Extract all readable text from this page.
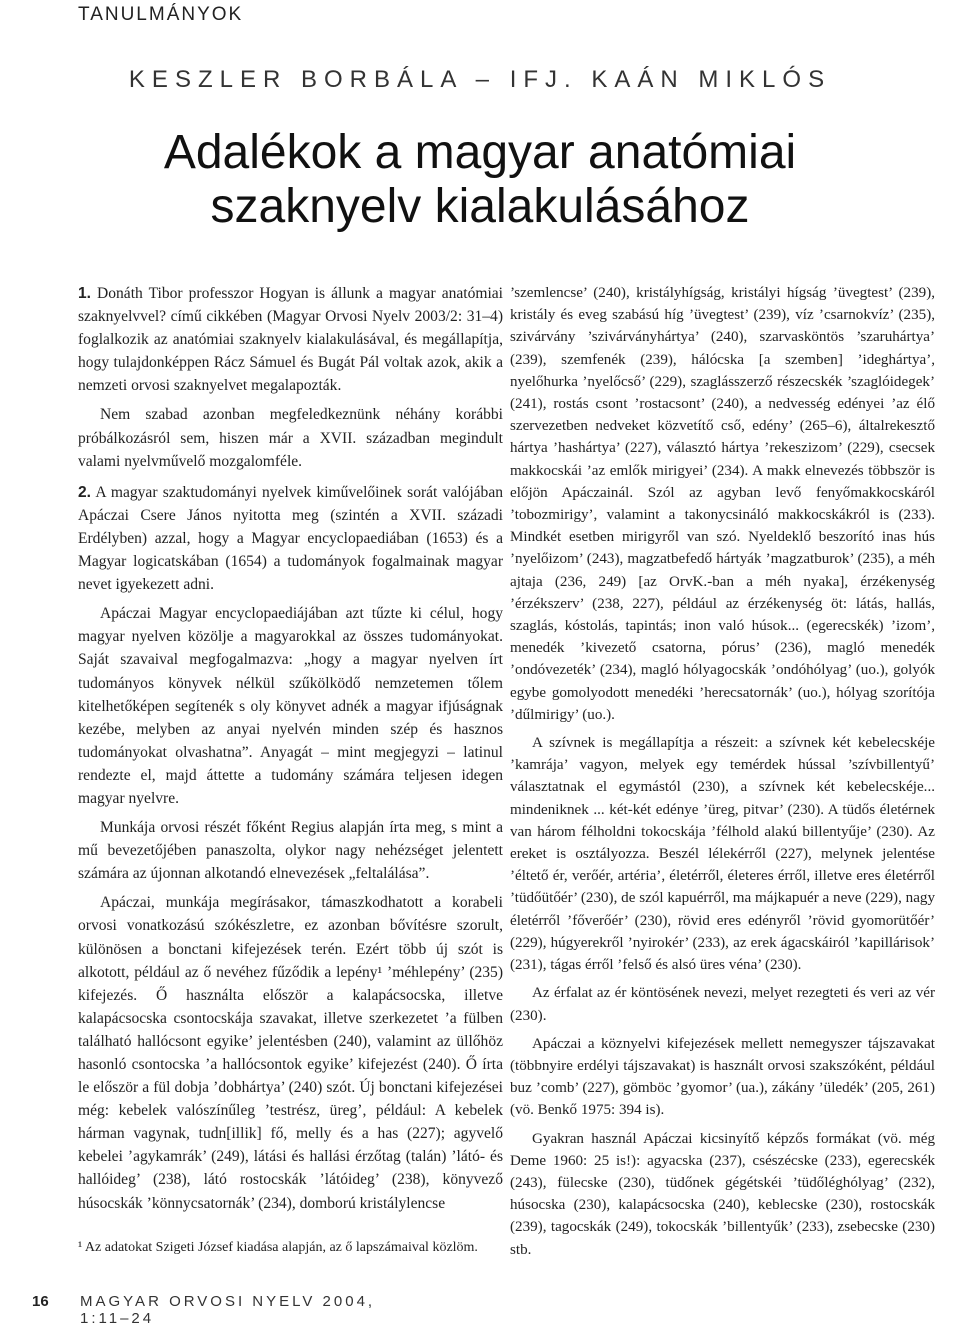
TANULMÁNYOK
KESZLER BORBÁLA – IFJ. KAÁN MIKLÓS
Adalékok a magyar anatómiai
szaknyelv kialakulásához

1. Donáth Tibor professzor Hogyan is állunk a magyar anatómiai szaknyelvvel? című cikkében (Magyar Orvosi Nyelv 2003/2: 31–4) foglalkozik az anatómiai szaknyelv kialakulásával, és megállapítja, hogy tulajdonképpen Rácz Sámuel és Bugát Pál voltak azok, akik a nemzeti orvosi szaknyelvet megalapozták.

Nem szabad azonban megfeledkeznünk néhány korábbi próbálkozásról sem, hiszen már a XVII. században megindult valami nyelvművelő mozgalomféle.

2. A magyar szaktudományi nyelvek kiművelőinek sorát valójában Apáczai Csere János nyitotta meg (szintén a XVII. századi Erdélyben) azzal, hogy a Magyar encyclopaediában (1653) és a Magyar logicatskában (1654) a tudományok fogalmainak magyar nevet igyekezett adni.

Apáczai Magyar encyclopaediájában azt tűzte ki célul, hogy magyar nyelven közölje a magyarokkal az összes tudományokat. Saját szavaival megfogalmazva: „hogy a magyar nyelven írt tudományos könyvek nélkül szűkölködő nemzetemen tőlem kitelhetőképen segítenék s oly könyvet adnék a magyar ifjúságnak kezébe, melyben az anyai nyelvén minden szép és hasznos tudományokat olvashatna”. Anyagát – mint megjegyzi – latinul rendezte el, majd áttette a tudomány számára teljesen idegen magyar nyelvre.

Munkája orvosi részét főként Regius alapján írta meg, s mint a mű bevezetőjében panaszolta, olykor nagy nehézséget jelentett számára az újonnan alkotandó elnevezések „feltalálása”.

Apáczai, munkája megírásakor, támaszkodhatott a korabeli orvosi vonatkozású szókészletre, ez azonban bővítésre szorult, különösen a bonctani kifejezések terén. Ezért több új szót is alkotott, például az ő nevéhez fűződik a lepény¹ ’méhlepény’ (235) kifejezés. Ő használta először a kalapácsocska, illetve kalapácsocska csontocskája szavakat, illetve szerkezetet ’a fülben található hallócsont egyike’ jelentésben (240), valamint az üllőhöz hasonló csontocska ’a hallócsontok egyike’ kifejezést (240). Ő írta le először a fül dobja ’dobhártya’ (240) szót. Új bonctani kifejezései még: kebelek valószínűleg ’testrész, üreg’, például: A kebelek hárman vagynak, tudn[illik] fő, melly és a has (227); agyvelő kebelei ’agykamrák’ (249), látási és hallási érzőtag (talán) ’látó- és hallóideg’ (238), látó rostocskák ’látóideg’ (238), könyvező húsocskák ’könnycsatornák’ (234), domború kristálylencse

¹ Az adatokat Szigeti József kiadása alapján, az ő lapszámaival közlöm.

’szemlencse’ (240), kristályhígság, kristályi hígság ’üvegtest’ (239), kristály és eveg szabású híg ’üvegtest’ (239), víz ’csarnokvíz’ (235), szivárvány ’szivárványhártya’ (240), szarvasköntös ’szaruhártya’ (239), szemfenék (239), hálócska [a szemben] ’ideghártya’, nyelőhurka ’nyelőcső’ (229), szaglásszerző részecskék ’szaglóidegek’ (241), rostás csont ’rostacsont’ (240), a nedvesség edényei ’az élő szervezetben nedveket közvetítő cső, edény’ (265–6), általrekesztő hártya ’hashártya’ (227), választó hártya ’rekeszizom’ (229), csecsek makkocskái ’az emlők mirigyei’ (234). A makk elnevezés többször is előjön Apáczainál. Szól az agyban levő fenyőmakkocskáról ’tobozmirigy’, valamint a takonycsináló makkocskákról is (233). Mindkét esetben mirigyről van szó. Nyeldeklő beszorító inas hús ’nyelőizom’ (243), magzatbefedő hártyák ’magzatburok’ (235), a méh ajtaja (236, 249) [az OrvK.-ban a méh nyaka], érzékenység ’érzékszerv’ (238, 227), például az érzékenység öt: látás, hallás, szaglás, kóstolás, tapintás; inon való húsok... (egerecskék) ’izom’, menedék ’kivezető csatorna, pórus’ (236), magló menedék ’ondóvezeték’ (234), magló hólyagocskák ’ondóhólyag’ (uo.), golyók egybe gomolyodott menedéki ’herecsatornák’ (uo.), hólyag szorítója ’dűlmirigy’ (uo.).

A szívnek is megállapítja a részeit: a szívnek két kebelecskéje ’kamrája’ vagyon, melyek egy temérdek hússal ’szívbillentyű’ választatnak el egymástól (230), a szívnek két kebelecskéje... mindeniknek ... két-két edénye ’üreg, pitvar’ (230). A tüdős életérnek van három félholdni tokocskája ’félhold alakú billentyűje’ (230). Az ereket is osztályozza. Beszél lélekérről (227), melynek jelentése ’éltető ér, verőér, artéria’, életérről, életeres érről, illetve eres életérről ’tüdőütőér’ (230), de szól kapuérről, ma májkapuér a neve (229), nagy életérről ’főverőér’ (230), rövid eres edényről ’rövid gyomorütőér’ (229), húgyerekről ’nyirokér’ (233), az erek ágacskáiról ’kapillárisok’ (231), tágas érről ’felső és alsó üres véna’ (230).

Az érfalat az ér köntösének nevezi, melyet rezegteti és veri az vér (230).

Apáczai a köznyelvi kifejezések mellett nemegyszer tájszavakat (többnyire erdélyi tájszavakat) is használt orvosi szakszóként, például buz ’comb’ (227), gömböc ’gyomor’ (ua.), zákány ’üledék’ (205, 261) (vö. Benkő 1975: 394 is).

Gyakran használ Apáczai kicsinyítő képzős formákat (vö. még Deme 1960: 25 is!): agyacska (237), csészécske (233), egerecskék (243), fülecske (230), tüdőnek gégétskéi ’tüdőléghólyag’ (232), húsocska (230), kalapácsocska (240), keblecske (230), rostocskák (239), tagocskák (249), tokocskák ’billentyűk’ (233), zsebecske (230) stb.

16 MAGYAR ORVOSI NYELV 2004, 1:11–24
